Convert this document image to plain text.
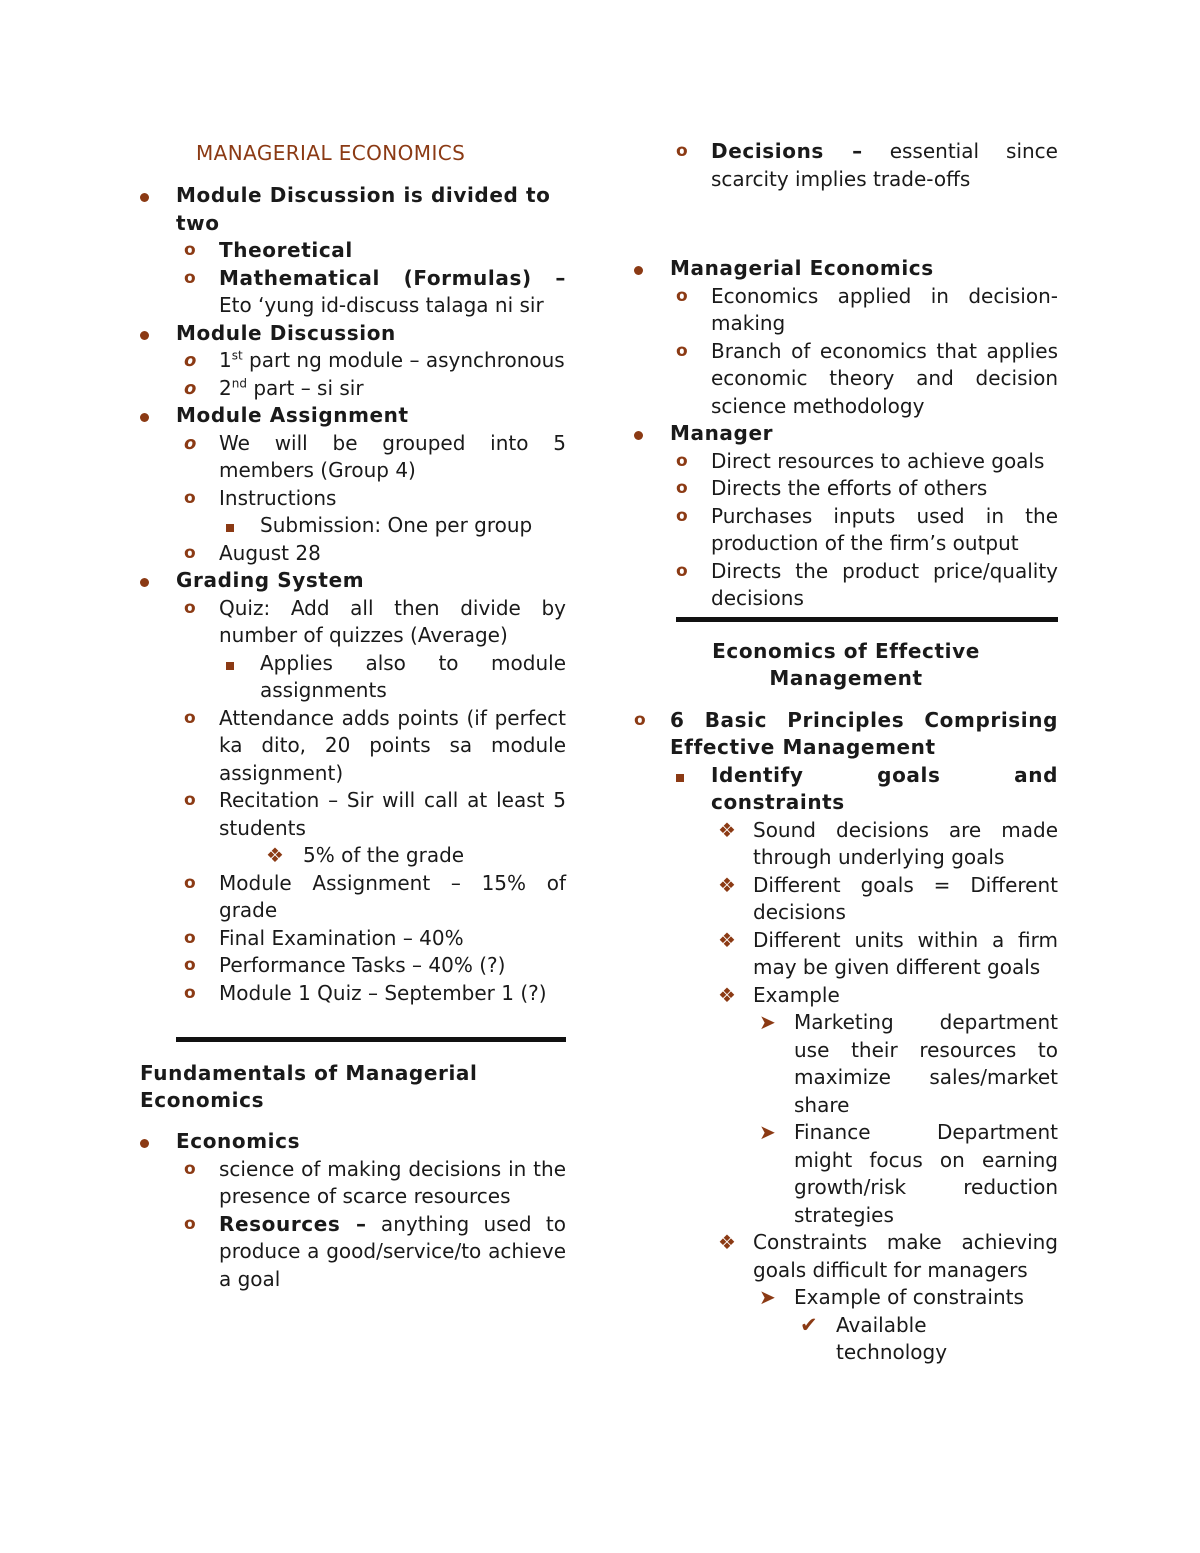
MANAGERIAL ECONOMICS

Module Discussion is divided to two
o Theoretical
o Mathematical (Formulas) – Eto ‘yung id-discuss talaga ni sir
Module Discussion
o 1st part ng module – asynchronous
o 2nd part – si sir
Module Assignment
o We will be grouped into 5 members (Group 4)
o Instructions
Submission: One per group
o August 28
Grading System
o Quiz: Add all then divide by number of quizzes (Average)
Applies also to module assignments
o Attendance adds points (if perfect ka dito, 20 points sa module assignment)
o Recitation – Sir will call at least 5 students
❖ 5% of the grade
o Module Assignment – 15% of grade
o Final Examination – 40%
o Performance Tasks – 40% (?)
o Module 1 Quiz – September 1 (?)

Fundamentals of Managerial Economics

Economics
o science of making decisions in the presence of scarce resources
o Resources – anything used to produce a good/service/to achieve a goal
o Decisions – essential since scarcity implies trade-offs
Managerial Economics
o Economics applied in decision-making
o Branch of economics that applies economic theory and decision science methodology
Manager
o Direct resources to achieve goals
o Directs the efforts of others
o Purchases inputs used in the production of the firm’s output
o Directs the product price/quality decisions

Economics of Effective

Management

o 6 Basic Principles Comprising Effective Management
Identify goals and constraints
❖ Sound decisions are made through underlying goals
❖ Different goals = Different decisions
❖ Different units within a firm may be given different goals
❖ Example
➤ Marketing department use their resources to maximize sales/market share
➤ Finance Department might focus on earning growth/risk reduction strategies
❖ Constraints make achieving goals difficult for managers
➤ Example of constraints
✔ Available technology
